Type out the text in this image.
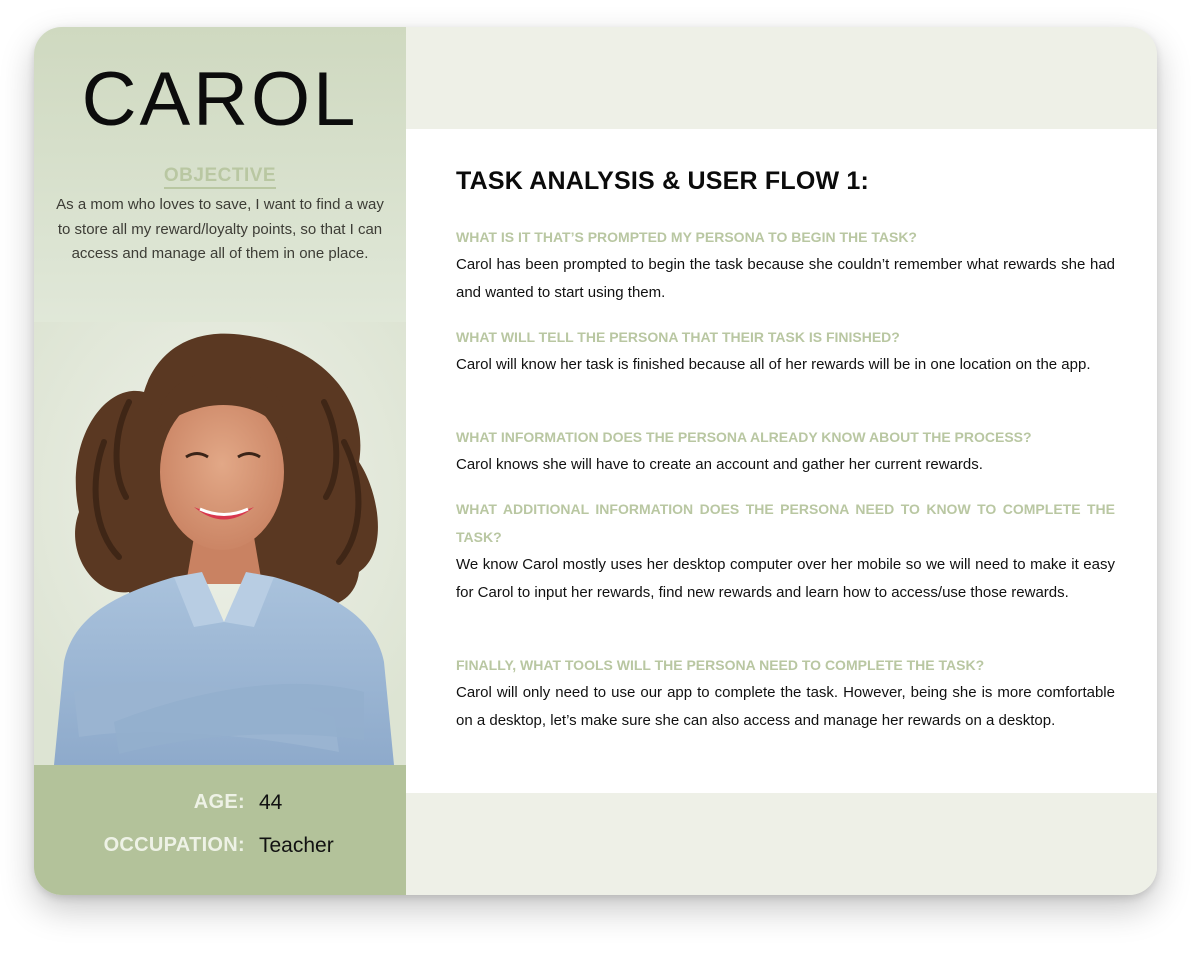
CAROL
OBJECTIVE
As a mom who loves to save, I want to find a way to store all my reward/loyalty points, so that I can access and manage all of them in one place.
AGE: 44
OCCUPATION: Teacher
TASK ANALYSIS & USER FLOW 1:
WHAT IS IT THAT’S PROMPTED MY PERSONA TO BEGIN THE TASK?
Carol has been prompted to begin the task because she couldn’t remember what rewards she had and wanted to start using them.
WHAT WILL TELL THE PERSONA THAT THEIR TASK IS FINISHED?
Carol will know her task is finished because all of her rewards will be in one location on the app.
WHAT INFORMATION DOES THE PERSONA ALREADY KNOW ABOUT THE PROCESS?
Carol knows she will have to create an account and gather her current rewards.
WHAT ADDITIONAL INFORMATION DOES THE PERSONA NEED TO KNOW TO COMPLETE THE TASK?
We know Carol mostly uses her desktop computer over her mobile so we will need to make it easy for Carol to input her rewards, find new rewards and learn how to access/use those rewards.
FINALLY, WHAT TOOLS WILL THE PERSONA NEED TO COMPLETE THE TASK?
Carol will only need to use our app to complete the task. However, being she is more comfortable on a desktop, let’s make sure she can also access and manage her rewards on a desktop.
